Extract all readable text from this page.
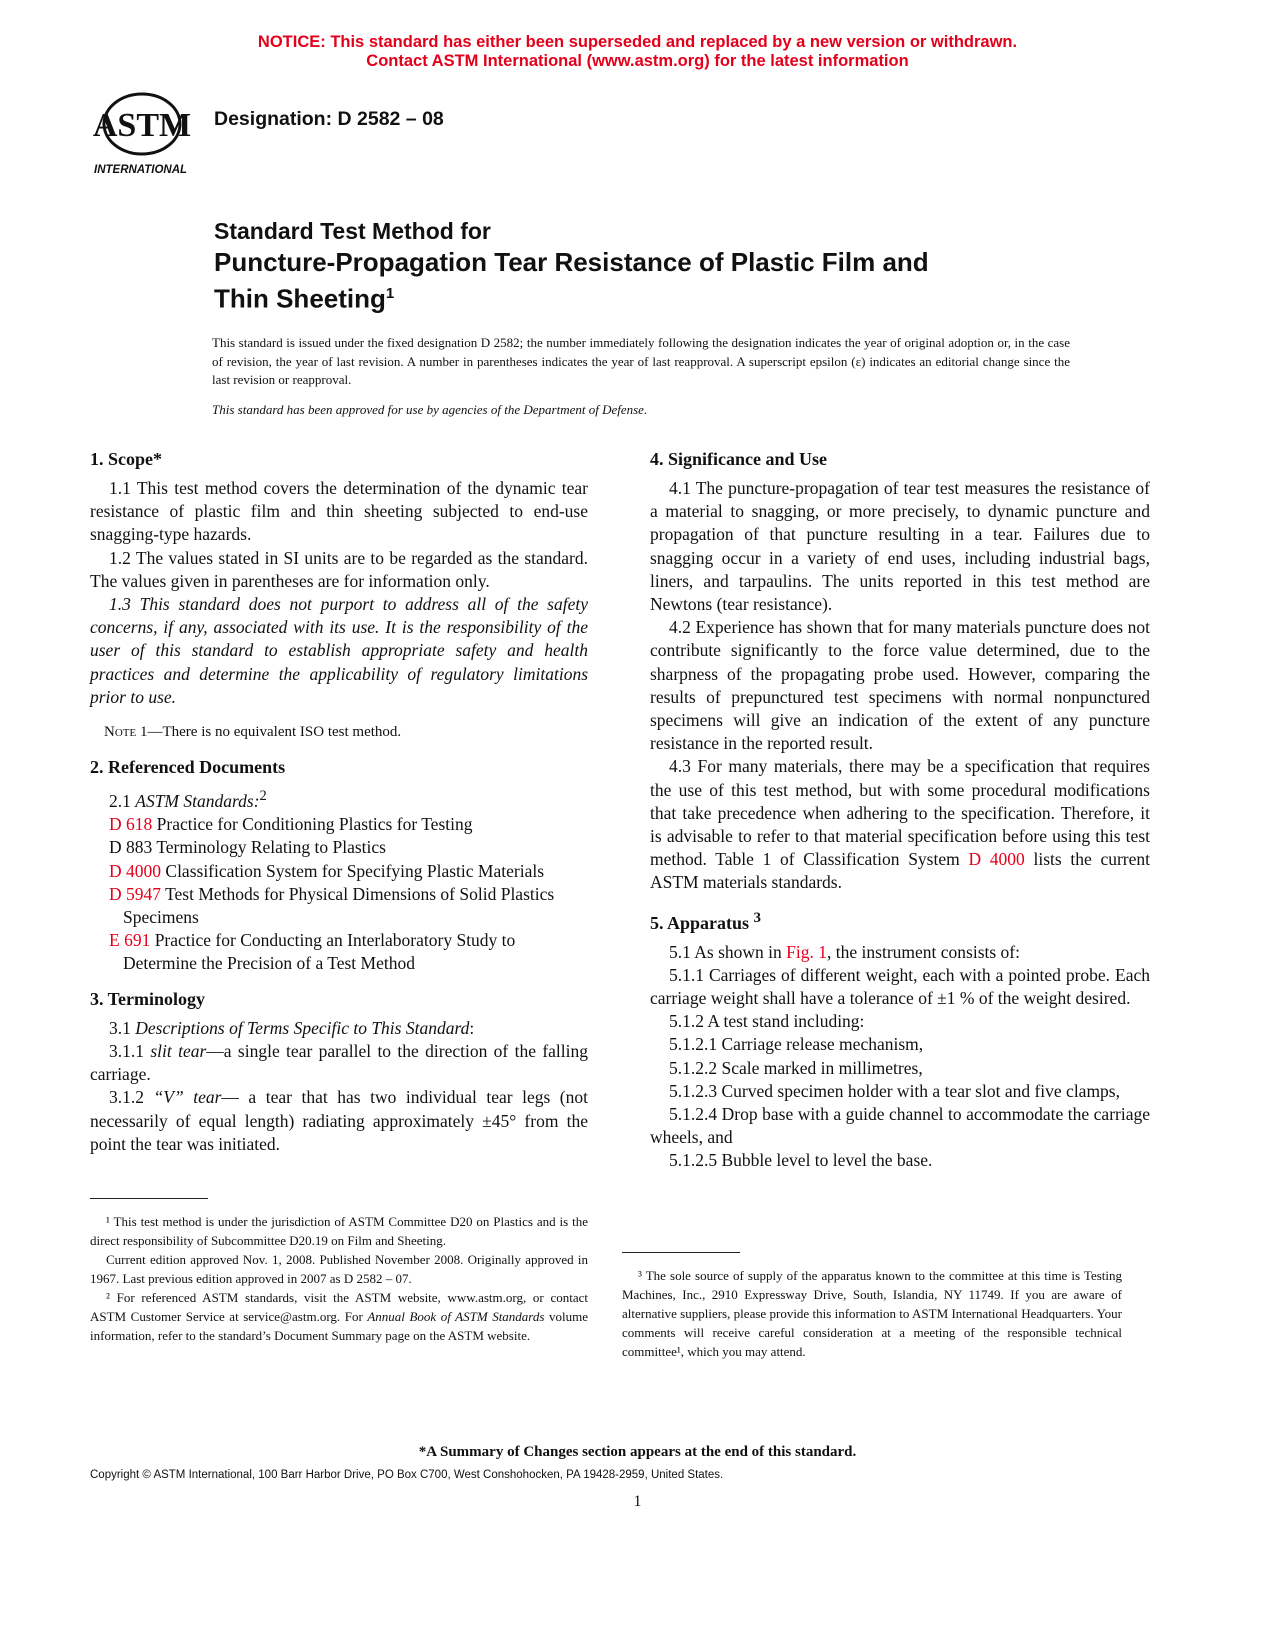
NOTICE: This standard has either been superseded and replaced by a new version or withdrawn.
Contact ASTM International (www.astm.org) for the latest information
ASTM
INTERNATIONAL
Designation: D 2582 – 08
Standard Test Method for
Puncture-Propagation Tear Resistance of Plastic Film and
Thin Sheeting$^1$
This standard is issued under the fixed designation D 2582; the number immediately following the designation indicates the year of original adoption or, in the case of revision, the year of last revision. A number in parentheses indicates the year of last reapproval. A superscript epsilon (ε) indicates an editorial change since the last revision or reapproval.
This standard has been approved for use by agencies of the Department of Defense.
1. Scope*

1.1 This test method covers the determination of the dynamic tear resistance of plastic film and thin sheeting subjected to end-use snagging-type hazards.

1.2 The values stated in SI units are to be regarded as the standard. The values given in parentheses are for information only.

1.3 This standard does not purport to address all of the safety concerns, if any, associated with its use. It is the responsibility of the user of this standard to establish appropriate safety and health practices and determine the applicability of regulatory limitations prior to use.

Note 1—There is no equivalent ISO test method.

2. Referenced Documents

2.1 ASTM Standards:$^2$

D 618 Practice for Conditioning Plastics for Testing

D 883 Terminology Relating to Plastics

D 4000 Classification System for Specifying Plastic Materials

D 5947 Test Methods for Physical Dimensions of Solid Plastics Specimens

E 691 Practice for Conducting an Interlaboratory Study to Determine the Precision of a Test Method

3. Terminology

3.1 Descriptions of Terms Specific to This Standard:

3.1.1 slit tear—a single tear parallel to the direction of the falling carriage.

3.1.2 “V” tear— a tear that has two individual tear legs (not necessarily of equal length) radiating approximately ±45° from the point the tear was initiated.

4. Significance and Use

4.1 The puncture-propagation of tear test measures the resistance of a material to snagging, or more precisely, to dynamic puncture and propagation of that puncture resulting in a tear. Failures due to snagging occur in a variety of end uses, including industrial bags, liners, and tarpaulins. The units reported in this test method are Newtons (tear resistance).

4.2 Experience has shown that for many materials puncture does not contribute significantly to the force value determined, due to the sharpness of the propagating probe used. However, comparing the results of prepunctured test specimens with normal nonpunctured specimens will give an indication of the extent of any puncture resistance in the reported result.

4.3 For many materials, there may be a specification that requires the use of this test method, but with some procedural modifications that take precedence when adhering to the specification. Therefore, it is advisable to refer to that material specification before using this test method. Table 1 of Classification System D 4000 lists the current ASTM materials standards.

5. Apparatus $^3$

5.1 As shown in Fig. 1, the instrument consists of:

5.1.1 Carriages of different weight, each with a pointed probe. Each carriage weight shall have a tolerance of ±1 % of the weight desired.

5.1.2 A test stand including:

5.1.2.1 Carriage release mechanism,

5.1.2.2 Scale marked in millimetres,

5.1.2.3 Curved specimen holder with a tear slot and five clamps,

5.1.2.4 Drop base with a guide channel to accommodate the carriage wheels, and

5.1.2.5 Bubble level to level the base.

¹ This test method is under the jurisdiction of ASTM Committee D20 on Plastics and is the direct responsibility of Subcommittee D20.19 on Film and Sheeting.

Current edition approved Nov. 1, 2008. Published November 2008. Originally approved in 1967. Last previous edition approved in 2007 as D 2582 – 07.

² For referenced ASTM standards, visit the ASTM website, www.astm.org, or contact ASTM Customer Service at service@astm.org. For Annual Book of ASTM Standards volume information, refer to the standard’s Document Summary page on the ASTM website.

³ The sole source of supply of the apparatus known to the committee at this time is Testing Machines, Inc., 2910 Expressway Drive, South, Islandia, NY 11749. If you are aware of alternative suppliers, please provide this information to ASTM International Headquarters. Your comments will receive careful consideration at a meeting of the responsible technical committee¹, which you may attend.

*A Summary of Changes section appears at the end of this standard.
Copyright © ASTM International, 100 Barr Harbor Drive, PO Box C700, West Conshohocken, PA 19428-2959, United States.
1
